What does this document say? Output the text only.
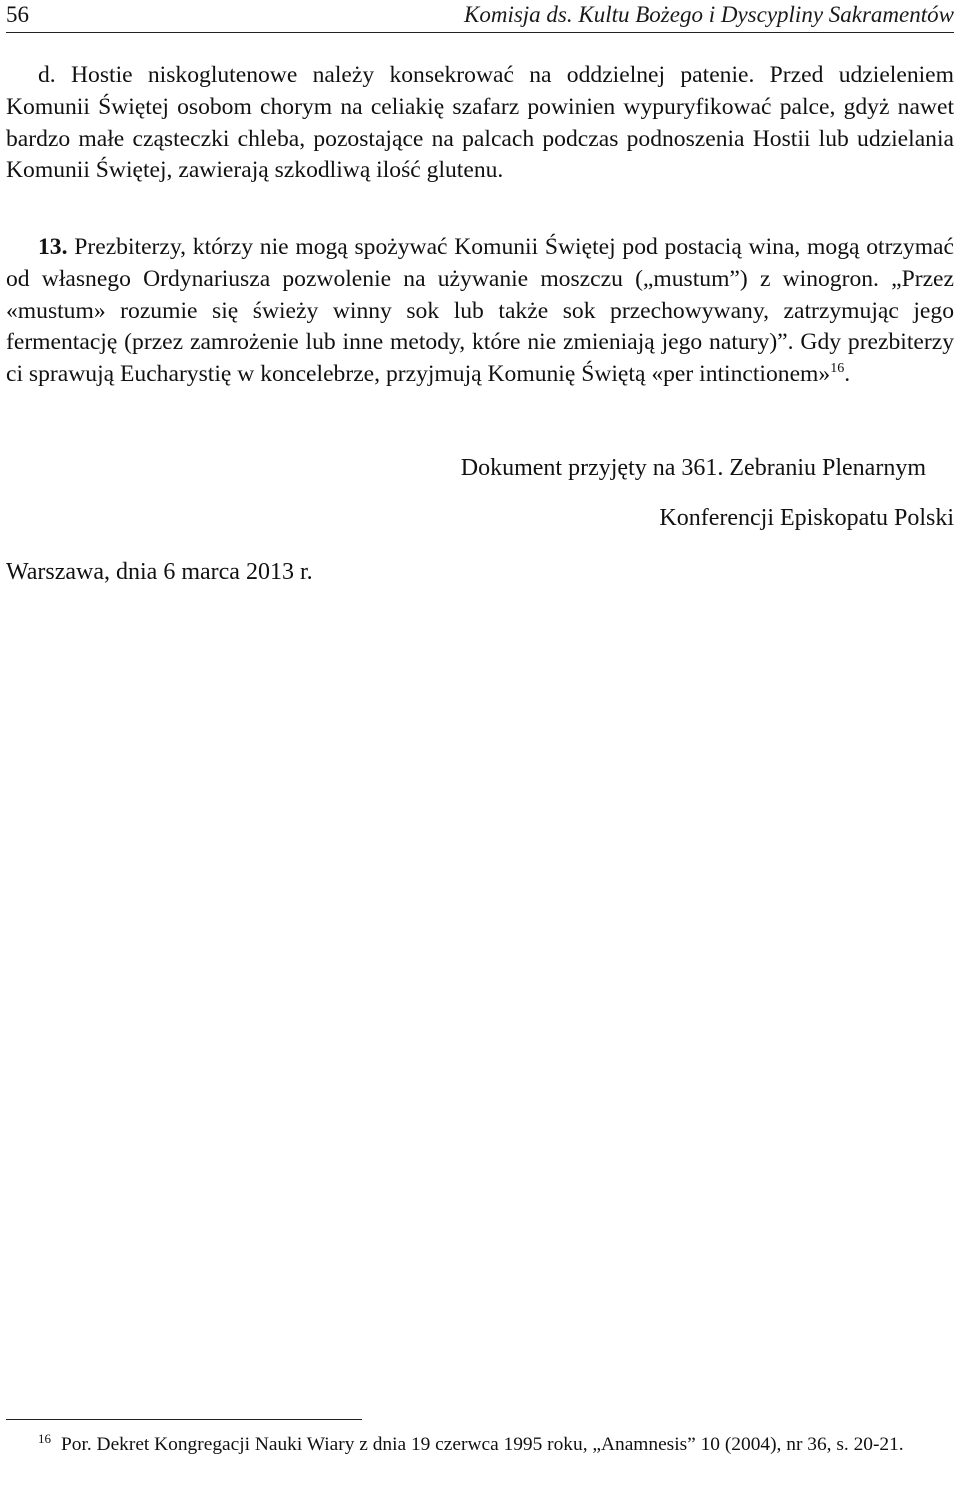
56	Komisja ds. Kultu Bożego i Dyscypliny Sakramentów
d. Hostie niskoglutenowe należy konsekrować na oddzielnej patenie. Przed udzieleniem Komunii Świętej osobom chorym na celiakię szafarz powinien wypuryfikować palce, gdyż nawet bardzo małe cząsteczki chleba, pozostające na palcach podczas podnoszenia Hostii lub udzielania Komunii Świętej, zawierają szkodliwą ilość glutenu.
13. Prezbiterzy, którzy nie mogą spożywać Komunii Świętej pod postacią wina, mogą otrzymać od własnego Ordynariusza pozwolenie na używanie moszczu („mustum”) z winogron. „Przez «mustum» rozumie się świeży winny sok lub także sok przechowywany, zatrzymując jego fermentację (przez zamrożenie lub inne metody, które nie zmieniają jego natury)”. Gdy prezbiterzy ci sprawują Eucharystię w koncelebrze, przyjmują Komunię Świętą «per intinctionem»$^{16}$.
Dokument przyjęty na 361. Zebraniu Plenarnym
Konferencji Episkopatu Polski
Warszawa, dnia 6 marca 2013 r.
$^{16}$ Por. Dekret Kongregacji Nauki Wiary z dnia 19 czerwca 1995 roku, „Anamnesis” 10 (2004), nr 36, s. 20-21.
